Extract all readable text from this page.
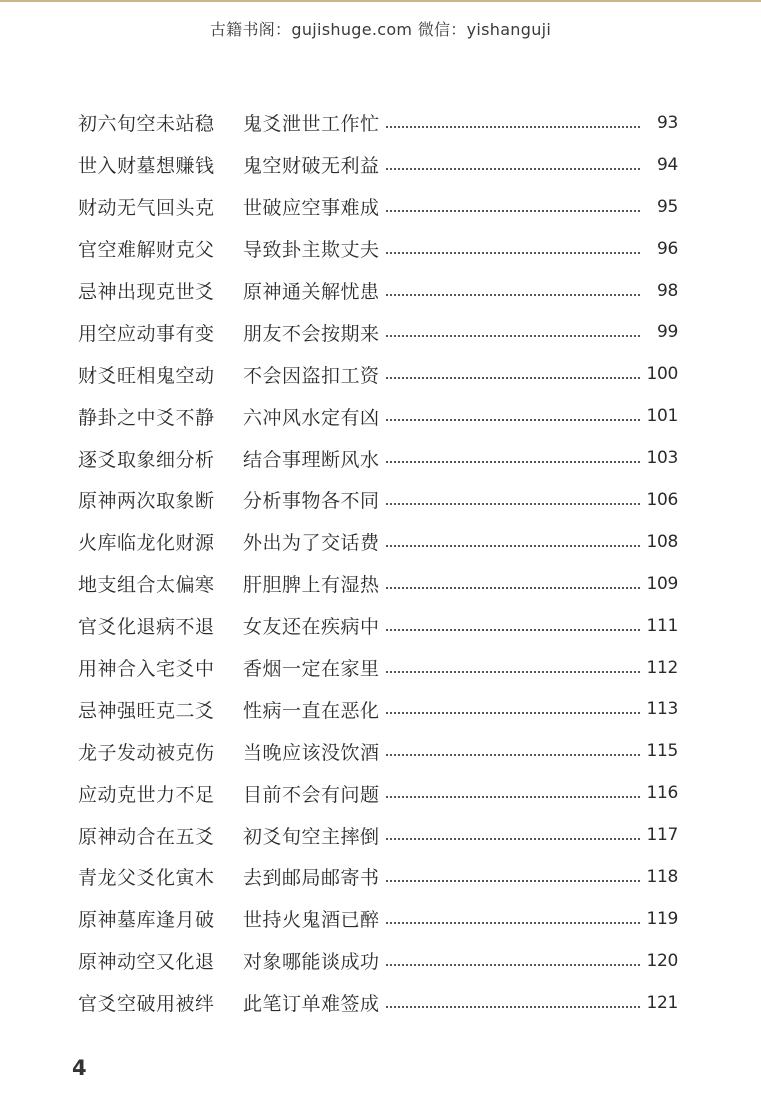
古籍书阁：gujishuge.com 微信：yishanguji
初六旬空未站稳	鬼爻泄世工作忙	93
世入财墓想赚钱	鬼空财破无利益	94
财动无气回头克	世破应空事难成	95
官空难解财克父	导致卦主欺丈夫	96
忌神出现克世爻	原神通关解忧患	98
用空应动事有变	朋友不会按期来	99
财爻旺相鬼空动	不会因盗扣工资	100
静卦之中爻不静	六冲风水定有凶	101
逐爻取象细分析	结合事理断风水	103
原神两次取象断	分析事物各不同	106
火库临龙化财源	外出为了交话费	108
地支组合太偏寒	肝胆脾上有湿热	109
官爻化退病不退	女友还在疾病中	111
用神合入宅爻中	香烟一定在家里	112
忌神强旺克二爻	性病一直在恶化	113
龙子发动被克伤	当晚应该没饮酒	115
应动克世力不足	目前不会有问题	116
原神动合在五爻	初爻旬空主摔倒	117
青龙父爻化寅木	去到邮局邮寄书	118
原神墓库逢月破	世持火鬼酒已醉	119
原神动空又化退	对象哪能谈成功	120
官爻空破用被绊	此笔订单难签成	121
4
